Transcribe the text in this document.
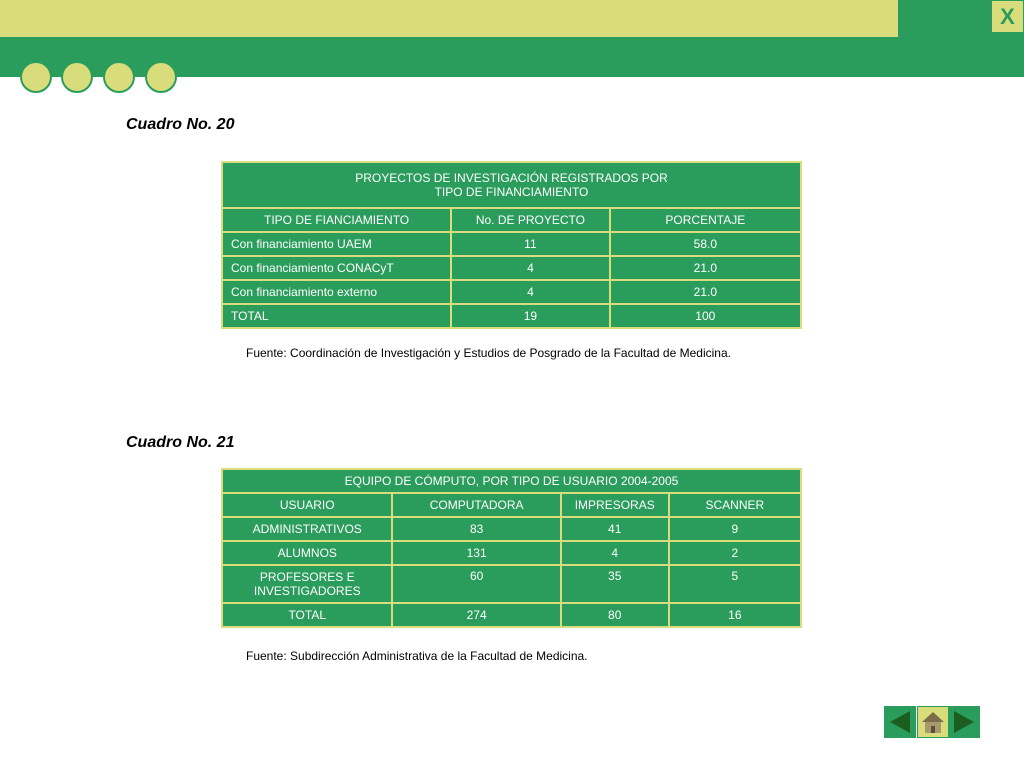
X
Cuadro No. 20
PROYECTOS DE INVESTIGACIÓN REGISTRADOS POR
TIPO DE FINANCIAMIENTO		

TIPO DE FIANCIAMIENTO	No. DE PROYECTO	PORCENTAJE
Con financiamiento UAEM	11	58.0
Con financiamiento CONACyT	4	21.0
Con financiamiento externo	4	21.0
TOTAL	19	100
Fuente: Coordinación de Investigación y Estudios de Posgrado de la Facultad de Medicina.
Cuadro No. 21
EQUIPO DE CÓMPUTO, POR TIPO DE USUARIO 2004-2005			
USUARIO	COMPUTADORA	IMPRESORAS	SCANNER
ADMINISTRATIVOS	83	41	9
ALUMNOS	131	4	2
PROFESORES E INVESTIGADORES	60	35	5
TOTAL	274	80	16
Fuente: Subdirección Administrativa de la Facultad de Medicina.
